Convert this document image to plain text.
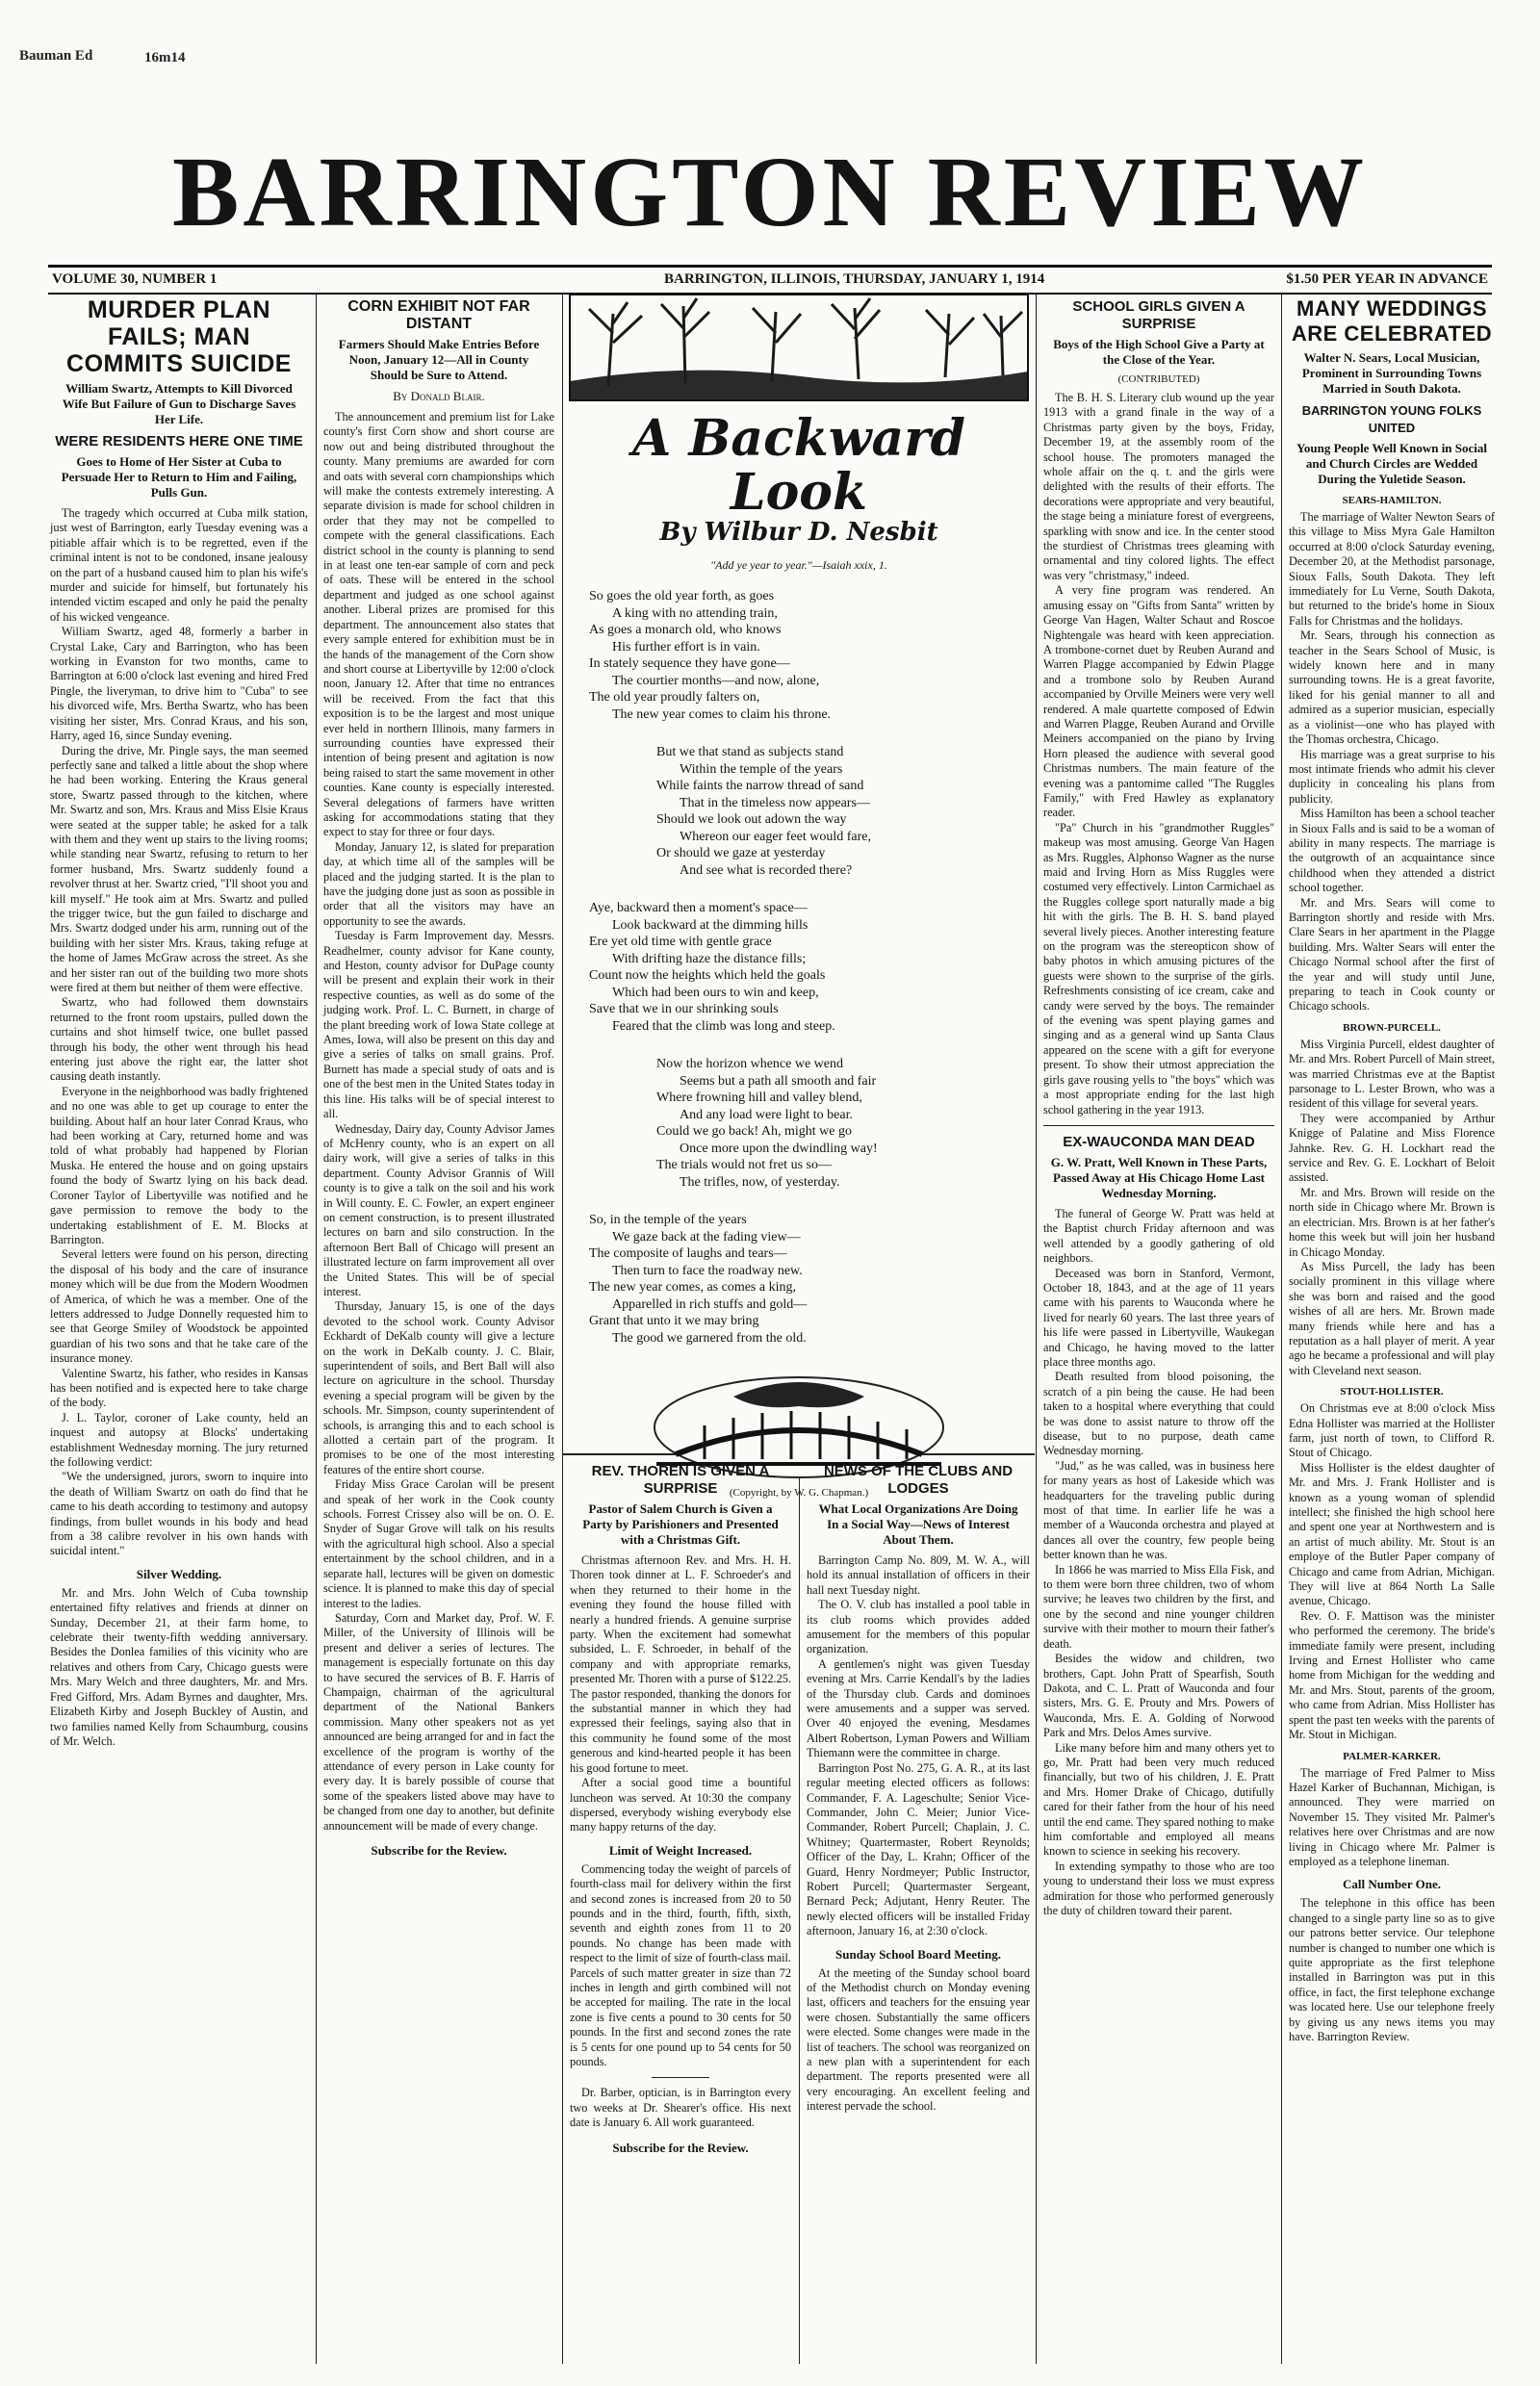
Bauman Ed	16m14
BARRINGTON REVIEW
VOLUME 30, NUMBER 1	BARRINGTON, ILLINOIS, THURSDAY, JANUARY 1, 1914	$1.50 PER YEAR IN ADVANCE
MURDER PLAN FAILS; MAN COMMITS SUICIDE
William Swartz, Attempts to Kill Divorced Wife But Failure of Gun to Discharge Saves Her Life.
WERE RESIDENTS HERE ONE TIME
Goes to Home of Her Sister at Cuba to Persuade Her to Return to Him and Failing, Pulls Gun.

The tragedy which occurred at Cuba milk station, just west of Barrington, early Tuesday evening was a pitiable affair which is to be regretted, even if the criminal intent is not to be condoned, insane jealousy on the part of a husband caused him to plan his wife's murder and suicide for himself, but fortunately his intended victim escaped and only he paid the penalty of his wicked vengeance.

William Swartz, aged 48, formerly a barber in Crystal Lake, Cary and Barrington, who has been working in Evanston for two months, came to Barrington at 6:00 o'clock last evening and hired Fred Pingle, the liveryman, to drive him to "Cuba" to see his divorced wife, Mrs. Bertha Swartz, who has been visiting her sister, Mrs. Conrad Kraus, and his son, Harry, aged 16, since Sunday evening.

During the drive, Mr. Pingle says, the man seemed perfectly sane and talked a little about the shop where he had been working. Entering the Kraus general store, Swartz passed through to the kitchen, where Mr. Swartz and son, Mrs. Kraus and Miss Elsie Kraus were seated at the supper table; he asked for a talk with them and they went up stairs to the living rooms; while standing near Swartz, refusing to return to her former husband, Mrs. Swartz suddenly found a revolver thrust at her. Swartz cried, "I'll shoot you and kill myself." He took aim at Mrs. Swartz and pulled the trigger twice, but the gun failed to discharge and Mrs. Swartz dodged under his arm, running out of the building with her sister Mrs. Kraus, taking refuge at the home of James McGraw across the street. As she and her sister ran out of the building two more shots were fired at them but neither of them were effective.

Swartz, who had followed them downstairs returned to the front room upstairs, pulled down the curtains and shot himself twice, one bullet passed through his body, the other went through his head entering just above the right ear, the latter shot causing death instantly.

Everyone in the neighborhood was badly frightened and no one was able to get up courage to enter the building. About half an hour later Conrad Kraus, who had been working at Cary, returned home and was told of what probably had happened by Florian Muska. He entered the house and on going upstairs found the body of Swartz lying on his back dead. Coroner Taylor of Libertyville was notified and he gave permission to remove the body to the undertaking establishment of E. M. Blocks at Barrington.

Several letters were found on his person, directing the disposal of his body and the care of insurance money which will be due from the Modern Woodmen of America, of which he was a member. One of the letters addressed to Judge Donnelly requested him to see that George Smiley of Woodstock be appointed guardian of his two sons and that he take care of the insurance money.

Valentine Swartz, his father, who resides in Kansas has been notified and is expected here to take charge of the body.

J. L. Taylor, coroner of Lake county, held an inquest and autopsy at Blocks' undertaking establishment Wednesday morning. The jury returned the following verdict:

"We the undersigned, jurors, sworn to inquire into the death of William Swartz on oath do find that he came to his death according to testimony and autopsy findings, from bullet wounds in his body and head from a 38 calibre revolver in his own hands with suicidal intent."

Silver Wedding.

Mr. and Mrs. John Welch of Cuba township entertained fifty relatives and friends at dinner on Sunday, December 21, at their farm home, to celebrate their twenty-fifth wedding anniversary. Besides the Donlea families of this vicinity who are relatives and others from Cary, Chicago guests were Mrs. Mary Welch and three daughters, Mr. and Mrs. Fred Gifford, Mrs. Adam Byrnes and daughter, Mrs. Elizabeth Kirby and Joseph Buckley of Austin, and two families named Kelly from Schaumburg, cousins of Mr. Welch.

CORN EXHIBIT NOT FAR DISTANT
Farmers Should Make Entries Before Noon, January 12—All in County Should be Sure to Attend.
By Donald Blair.

The announcement and premium list for Lake county's first Corn show and short course are now out and being distributed throughout the county. Many premiums are awarded for corn and oats with several corn championships which will make the contests extremely interesting. A separate division is made for school children in order that they may not be compelled to compete with the general classifications. Each district school in the county is planning to send in at least one ten-ear sample of corn and peck of oats. These will be entered in the school department and judged as one school against another. Liberal prizes are promised for this department. The announcement also states that every sample entered for exhibition must be in the hands of the management of the Corn show and short course at Libertyville by 12:00 o'clock noon, January 12. After that time no entrances will be received. From the fact that this exposition is to be the largest and most unique ever held in northern Illinois, many farmers in surrounding counties have expressed their intention of being present and agitation is now being raised to start the same movement in other counties. Kane county is especially interested. Several delegations of farmers have written asking for accommodations stating that they expect to stay for three or four days.

Monday, January 12, is slated for preparation day, at which time all of the samples will be placed and the judging started. It is the plan to have the judging done just as soon as possible in order that all the visitors may have an opportunity to see the awards.

Tuesday is Farm Improvement day. Messrs. Readhelmer, county advisor for Kane county, and Heston, county advisor for DuPage county will be present and explain their work in their respective counties, as well as do some of the judging work. Prof. L. C. Burnett, in charge of the plant breeding work of Iowa State college at Ames, Iowa, will also be present on this day and give a series of talks on small grains. Prof. Burnett has made a special study of oats and is one of the best men in the United States today in this line. His talks will be of special interest to all.

Wednesday, Dairy day, County Advisor James of McHenry county, who is an expert on all dairy work, will give a series of talks in this department. County Advisor Grannis of Will county is to give a talk on the soil and his work in Will county. E. C. Fowler, an expert engineer on cement construction, is to present illustrated lectures on barn and silo construction. In the afternoon Bert Ball of Chicago will present an illustrated lecture on farm improvement all over the United States. This will be of special interest.

Thursday, January 15, is one of the days devoted to the school work. County Advisor Eckhardt of DeKalb county will give a lecture on the work in DeKalb county. J. C. Blair, superintendent of soils, and Bert Ball will also lecture on agriculture in the school. Thursday evening a special program will be given by the schools. Mr. Simpson, county superintendent of schools, is arranging this and to each school is allotted a certain part of the program. It promises to be one of the most interesting features of the entire short course.

Friday Miss Grace Carolan will be present and speak of her work in the Cook county schools. Forrest Crissey also will be on. O. E. Snyder of Sugar Grove will talk on his results with the agricultural high school. Also a special entertainment by the school children, and in a separate hall, lectures will be given on domestic science. It is planned to make this day of special interest to the ladies.

Saturday, Corn and Market day, Prof. W. F. Miller, of the University of Illinois will be present and deliver a series of lectures. The management is especially fortunate on this day to have secured the services of B. F. Harris of Champaign, chairman of the agricultural department of the National Bankers commission. Many other speakers not as yet announced are being arranged for and in fact the excellence of the program is worthy of the attendance of every person in Lake county for every day. It is barely possible of course that some of the speakers listed above may have to be changed from one day to another, but definite announcement will be made of every change.

Subscribe for the Review.
A Backward Look
By Wilbur D. Nesbit
"Add ye year to year."—Isaiah xxix, 1.
So goes the old year forth, as goes
A king with no attending train,
As goes a monarch old, who knows
His further effort is in vain.
In stately sequence they have gone—
The courtier months—and now, alone,
The old year proudly falters on,
The new year comes to claim his throne.
But we that stand as subjects stand
Within the temple of the years
While faints the narrow thread of sand
That in the timeless now appears—
Should we look out adown the way
Whereon our eager feet would fare,
Or should we gaze at yesterday
And see what is recorded there?
Aye, backward then a moment's space—
Look backward at the dimming hills
Ere yet old time with gentle grace
With drifting haze the distance fills;
Count now the heights which held the goals
Which had been ours to win and keep,
Save that we in our shrinking souls
Feared that the climb was long and steep.
Now the horizon whence we wend
Seems but a path all smooth and fair
Where frowning hill and valley blend,
And any load were light to bear.
Could we go back! Ah, might we go
Once more upon the dwindling way!
The trials would not fret us so—
The trifles, now, of yesterday.
So, in the temple of the years
We gaze back at the fading view—
The composite of laughs and tears—
Then turn to face the roadway new.
The new year comes, as comes a king,
Apparelled in rich stuffs and gold—
Grant that unto it we may bring
The good we garnered from the old.
(Copyright, by W. G. Chapman.)
REV. THOREN IS GIVEN A SURPRISE
Pastor of Salem Church is Given a Party by Parishioners and Presented with a Christmas Gift.

Christmas afternoon Rev. and Mrs. H. H. Thoren took dinner at L. F. Schroeder's and when they returned to their home in the evening they found the house filled with nearly a hundred friends. A genuine surprise party. When the excitement had somewhat subsided, L. F. Schroeder, in behalf of the company and with appropriate remarks, presented Mr. Thoren with a purse of $122.25. The pastor responded, thanking the donors for the substantial manner in which they had expressed their feelings, saying also that in this community he found some of the most generous and kind-hearted people it has been his good fortune to meet.

After a social good time a bountiful luncheon was served. At 10:30 the company dispersed, everybody wishing everybody else many happy returns of the day.

Limit of Weight Increased.

Commencing today the weight of parcels of fourth-class mail for delivery within the first and second zones is increased from 20 to 50 pounds and in the third, fourth, fifth, sixth, seventh and eighth zones from 11 to 20 pounds. No change has been made with respect to the limit of size of fourth-class mail. Parcels of such matter greater in size than 72 inches in length and girth combined will not be accepted for mailing. The rate in the local zone is five cents a pound to 30 cents for 50 pounds. In the first and second zones the rate is 5 cents for one pound up to 54 cents for 50 pounds.

Dr. Barber, optician, is in Barrington every two weeks at Dr. Shearer's office. His next date is January 6. All work guaranteed.

Subscribe for the Review.
NEWS OF THE CLUBS AND LODGES
What Local Organizations Are Doing In a Social Way—News of Interest About Them.

Barrington Camp No. 809, M. W. A., will hold its annual installation of officers in their hall next Tuesday night.

The O. V. club has installed a pool table in its club rooms which provides added amusement for the members of this popular organization.

A gentlemen's night was given Tuesday evening at Mrs. Carrie Kendall's by the ladies of the Thursday club. Cards and dominoes were amusements and a supper was served. Over 40 enjoyed the evening, Mesdames Albert Robertson, Lyman Powers and William Thiemann were the committee in charge.

Barrington Post No. 275, G. A. R., at its last regular meeting elected officers as follows: Commander, F. A. Lageschulte; Senior Vice-Commander, John C. Meier; Junior Vice-Commander, Robert Purcell; Chaplain, J. C. Whitney; Quartermaster, Robert Reynolds; Officer of the Day, L. Krahn; Officer of the Guard, Henry Nordmeyer; Public Instructor, Robert Purcell; Quartermaster Sergeant, Bernard Peck; Adjutant, Henry Reuter. The newly elected officers will be installed Friday afternoon, January 16, at 2:30 o'clock.

Sunday School Board Meeting.

At the meeting of the Sunday school board of the Methodist church on Monday evening last, officers and teachers for the ensuing year were chosen. Substantially the same officers were elected. Some changes were made in the list of teachers. The school was reorganized on a new plan with a superintendent for each department. The reports presented were all very encouraging. An excellent feeling and interest pervade the school.

SCHOOL GIRLS GIVEN A SURPRISE
Boys of the High School Give a Party at the Close of the Year.
(CONTRIBUTED)

The B. H. S. Literary club wound up the year 1913 with a grand finale in the way of a Christmas party given by the boys, Friday, December 19, at the assembly room of the school house. The promoters managed the whole affair on the q. t. and the girls were delighted with the results of their efforts. The decorations were appropriate and very beautiful, the stage being a miniature forest of evergreens, sparkling with snow and ice. In the center stood the sturdiest of Christmas trees gleaming with ornamental and tiny colored lights. The effect was very "christmasy," indeed.

A very fine program was rendered. An amusing essay on "Gifts from Santa" written by George Van Hagen, Walter Schaut and Roscoe Nightengale was heard with keen appreciation. A trombone-cornet duet by Reuben Aurand and Warren Plagge accompanied by Edwin Plagge and a trombone solo by Reuben Aurand accompanied by Orville Meiners were very well rendered. A male quartette composed of Edwin and Warren Plagge, Reuben Aurand and Orville Meiners accompanied on the piano by Irving Horn pleased the audience with several good Christmas numbers. The main feature of the evening was a pantomime called "The Ruggles Family," with Fred Hawley as explanatory reader.

"Pa" Church in his "grandmother Ruggles" makeup was most amusing. George Van Hagen as Mrs. Ruggles, Alphonso Wagner as the nurse maid and Irving Horn as Miss Ruggles were costumed very effectively. Linton Carmichael as the Ruggles college sport naturally made a big hit with the girls. The B. H. S. band played several lively pieces. Another interesting feature on the program was the stereopticon show of baby photos in which amusing pictures of the guests were shown to the surprise of the girls. Refreshments consisting of ice cream, cake and candy were served by the boys. The remainder of the evening was spent playing games and singing and as a general wind up Santa Claus appeared on the scene with a gift for everyone present. To show their utmost appreciation the girls gave rousing yells to "the boys" which was a most appropriate ending for the last high school gathering in the year 1913.

EX-WAUCONDA MAN DEAD
G. W. Pratt, Well Known in These Parts, Passed Away at His Chicago Home Last Wednesday Morning.

The funeral of George W. Pratt was held at the Baptist church Friday afternoon and was well attended by a goodly gathering of old neighbors.

Deceased was born in Stanford, Vermont, October 18, 1843, and at the age of 11 years came with his parents to Wauconda where he lived for nearly 60 years. The last three years of his life were passed in Libertyville, Waukegan and Chicago, he having moved to the latter place three months ago.

Death resulted from blood poisoning, the scratch of a pin being the cause. He had been taken to a hospital where everything that could be was done to assist nature to throw off the disease, but to no purpose, death came Wednesday morning.

"Jud," as he was called, was in business here for many years as host of Lakeside which was headquarters for the traveling public during most of that time. In earlier life he was a member of a Wauconda orchestra and played at dances all over the country, few people being better known than he was.

In 1866 he was married to Miss Ella Fisk, and to them were born three children, two of whom survive; he leaves two children by the first, and one by the second and nine younger children survive with their mother to mourn their father's death.

Besides the widow and children, two brothers, Capt. John Pratt of Spearfish, South Dakota, and C. L. Pratt of Wauconda and four sisters, Mrs. G. E. Prouty and Mrs. Powers of Wauconda, Mrs. E. A. Golding of Norwood Park and Mrs. Delos Ames survive.

Like many before him and many others yet to go, Mr. Pratt had been very much reduced financially, but two of his children, J. E. Pratt and Mrs. Homer Drake of Chicago, dutifully cared for their father from the hour of his need until the end came. They spared nothing to make him comfortable and employed all means known to science in seeking his recovery.

In extending sympathy to those who are too young to understand their loss we must express admiration for those who performed generously the duty of children toward their parent.

MANY WEDDINGS ARE CELEBRATED
Walter N. Sears, Local Musician, Prominent in Surrounding Towns Married in South Dakota.
BARRINGTON YOUNG FOLKS UNITED
Young People Well Known in Social and Church Circles are Wedded During the Yuletide Season.
SEARS-HAMILTON.

The marriage of Walter Newton Sears of this village to Miss Myra Gale Hamilton occurred at 8:00 o'clock Saturday evening, December 20, at the Methodist parsonage, Sioux Falls, South Dakota. They left immediately for Lu Verne, South Dakota, but returned to the bride's home in Sioux Falls for Christmas and the holidays.

Mr. Sears, through his connection as teacher in the Sears School of Music, is widely known here and in many surrounding towns. He is a great favorite, liked for his genial manner to all and admired as a superior musician, especially as a violinist—one who has played with the Thomas orchestra, Chicago.

His marriage was a great surprise to his most intimate friends who admit his clever duplicity in concealing his plans from publicity.

Miss Hamilton has been a school teacher in Sioux Falls and is said to be a woman of ability in many respects. The marriage is the outgrowth of an acquaintance since childhood when they attended a district school together.

Mr. and Mrs. Sears will come to Barrington shortly and reside with Mrs. Clare Sears in her apartment in the Plagge building. Mrs. Walter Sears will enter the Chicago Normal school after the first of the year and will study until June, preparing to teach in Cook county or Chicago schools.

BROWN-PURCELL.

Miss Virginia Purcell, eldest daughter of Mr. and Mrs. Robert Purcell of Main street, was married Christmas eve at the Baptist parsonage to L. Lester Brown, who was a resident of this village for several years.

They were accompanied by Arthur Knigge of Palatine and Miss Florence Jahnke. Rev. G. H. Lockhart read the service and Rev. G. E. Lockhart of Beloit assisted.

Mr. and Mrs. Brown will reside on the north side in Chicago where Mr. Brown is an electrician. Mrs. Brown is at her father's home this week but will join her husband in Chicago Monday.

As Miss Purcell, the lady has been socially prominent in this village where she was born and raised and the good wishes of all are hers. Mr. Brown made many friends while here and has a reputation as a hall player of merit. A year ago he became a professional and will play with Cleveland next season.

STOUT-HOLLISTER.

On Christmas eve at 8:00 o'clock Miss Edna Hollister was married at the Hollister farm, just north of town, to Clifford R. Stout of Chicago.

Miss Hollister is the eldest daughter of Mr. and Mrs. J. Frank Hollister and is known as a young woman of splendid intellect; she finished the high school here and spent one year at Northwestern and is an artist of much ability. Mr. Stout is an employe of the Butler Paper company of Chicago and came from Adrian, Michigan. They will live at 864 North La Salle avenue, Chicago.

Rev. O. F. Mattison was the minister who performed the ceremony. The bride's immediate family were present, including Irving and Ernest Hollister who came home from Michigan for the wedding and Mr. and Mrs. Stout, parents of the groom, who came from Adrian. Miss Hollister has spent the past ten weeks with the parents of Mr. Stout in Michigan.

PALMER-KARKER.

The marriage of Fred Palmer to Miss Hazel Karker of Buchannan, Michigan, is announced. They were married on November 15. They visited Mr. Palmer's relatives here over Christmas and are now living in Chicago where Mr. Palmer is employed as a telephone lineman.

Call Number One.

The telephone in this office has been changed to a single party line so as to give our patrons better service. Our telephone number is changed to number one which is quite appropriate as the first telephone installed in Barrington was put in this office, in fact, the first telephone exchange was located here. Use our telephone freely by giving us any news items you may have. Barrington Review.
